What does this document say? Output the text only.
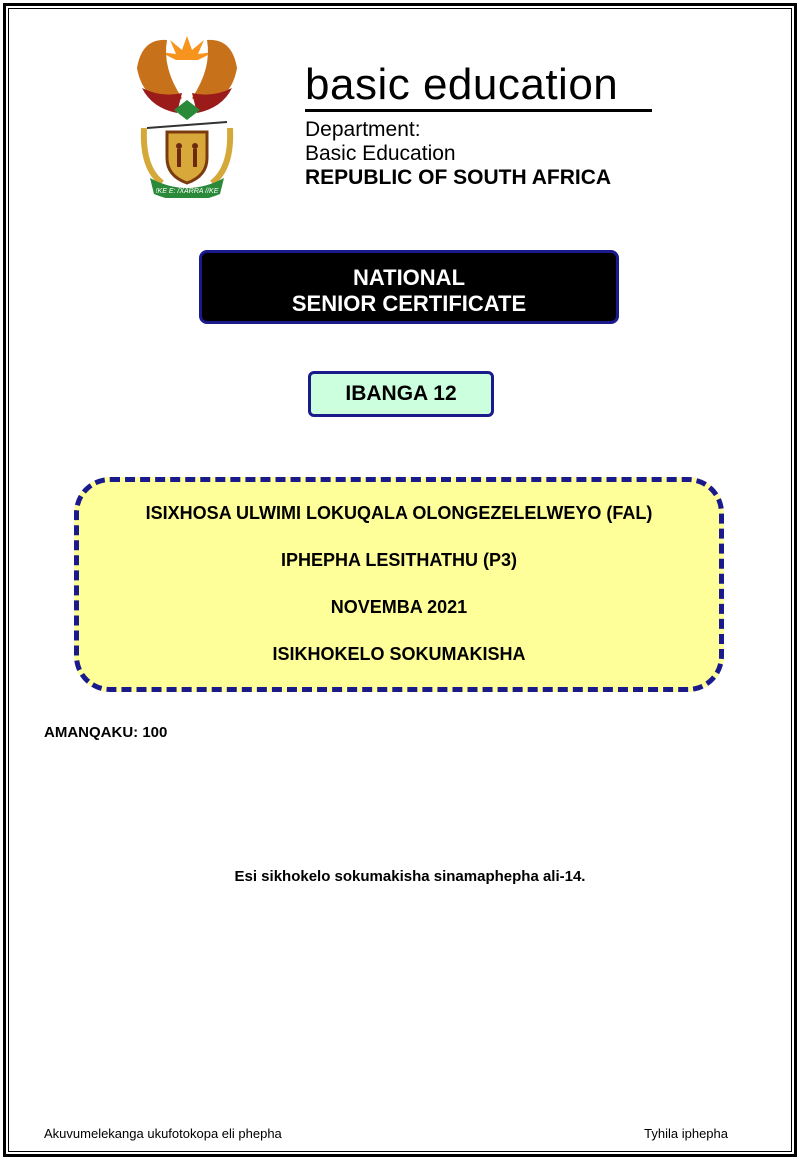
!KE E: /XARRA //KE
basic education
Department:
Basic Education
REPUBLIC OF SOUTH AFRICA
NATIONAL
SENIOR CERTIFICATE
IBANGA 12
ISIXHOSA ULWIMI LOKUQALA OLONGEZELELWEYO (FAL)
IPHEPHA LESITHATHU (P3)
NOVEMBA 2021
ISIKHOKELO SOKUMAKISHA
AMANQAKU: 100
Esi sikhokelo sokumakisha sinamaphepha ali-14.
Akuvumelekanga ukufotokopa eli phepha	Tyhila iphepha
